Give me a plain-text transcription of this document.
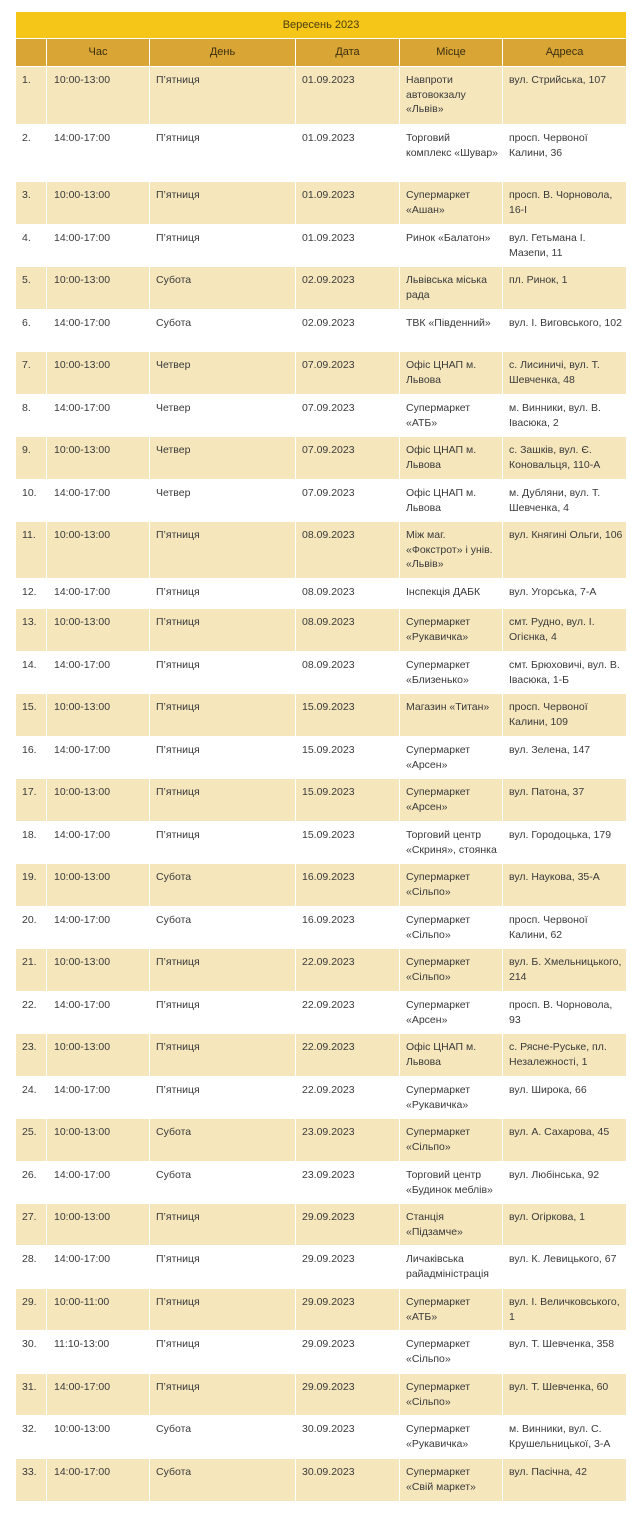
Вересень 2023					
	Час	День	Дата	Місце	Адреса
1.	10:00-13:00	П’ятниця	01.09.2023	Навпроти автовокзалу «Львів»	вул. Стрийська, 107
2.	14:00-17:00	П’ятниця	01.09.2023	Торговий комплекс «Шувар»	просп. Червоної Калини, 36
3.	10:00-13:00	П’ятниця	01.09.2023	Супермаркет «Ашан»	просп. В. Чорновола, 16-І
4.	14:00-17:00	П’ятниця	01.09.2023	Ринок «Балатон»	вул. Гетьмана І. Мазепи, 11
5.	10:00-13:00	Субота	02.09.2023	Львівська міська рада	пл. Ринок, 1
6.	14:00-17:00	Субота	02.09.2023	ТВК «Південний»	вул. І. Виговського, 102
7.	10:00-13:00	Четвер	07.09.2023	Офіс ЦНАП м. Львова	с. Лисиничі, вул. Т. Шевченка, 48
8.	14:00-17:00	Четвер	07.09.2023	Супермаркет «АТБ»	м. Винники, вул. В. Івасюка, 2
9.	10:00-13:00	Четвер	07.09.2023	Офіс ЦНАП м. Львова	с. Зашків, вул. Є. Коновальця, 110-А
10.	14:00-17:00	Четвер	07.09.2023	Офіс ЦНАП м. Львова	м. Дубляни, вул. Т. Шевченка, 4
11.	10:00-13:00	П’ятниця	08.09.2023	Між маг. «Фокстрот» і унів. «Львів»	вул. Княгині Ольги, 106
12.	14:00-17:00	П’ятниця	08.09.2023	Інспекція ДАБК	вул. Угорська, 7-А
13.	10:00-13:00	П’ятниця	08.09.2023	Супермаркет «Рукавичка»	смт. Рудно, вул. І. Огієнка, 4
14.	14:00-17:00	П’ятниця	08.09.2023	Супермаркет «Близенько»	смт. Брюховичі, вул. В. Івасюка, 1-Б
15.	10:00-13:00	П’ятниця	15.09.2023	Магазин «Титан»	просп. Червоної Калини, 109
16.	14:00-17:00	П’ятниця	15.09.2023	Супермаркет «Арсен»	вул. Зелена, 147
17.	10:00-13:00	П’ятниця	15.09.2023	Супермаркет «Арсен»	вул. Патона, 37
18.	14:00-17:00	П’ятниця	15.09.2023	Торговий центр «Скриня», стоянка	вул. Городоцька, 179
19.	10:00-13:00	Субота	16.09.2023	Супермаркет «Сільпо»	вул. Наукова, 35-А
20.	14:00-17:00	Субота	16.09.2023	Супермаркет «Сільпо»	просп. Червоної Калини, 62
21.	10:00-13:00	П’ятниця	22.09.2023	Супермаркет «Сільпо»	вул. Б. Хмельницького, 214
22.	14:00-17:00	П’ятниця	22.09.2023	Супермаркет «Арсен»	просп. В. Чорновола, 93
23.	10:00-13:00	П’ятниця	22.09.2023	Офіс ЦНАП м. Львова	с. Рясне-Руське, пл. Незалежності, 1
24.	14:00-17:00	П’ятниця	22.09.2023	Супермаркет «Рукавичка»	вул. Широка, 66
25.	10:00-13:00	Субота	23.09.2023	Супермаркет «Сільпо»	вул. А. Сахарова, 45
26.	14:00-17:00	Субота	23.09.2023	Торговий центр «Будинок меблів»	вул. Любінська, 92
27.	10:00-13:00	П’ятниця	29.09.2023	Станція «Підзамче»	вул. Огіркова, 1
28.	14:00-17:00	П’ятниця	29.09.2023	Личаківська райадміністрація	вул. К. Левицького, 67
29.	10:00-11:00	П’ятниця	29.09.2023	Супермаркет «АТБ»	вул. І. Величковського, 1
30.	11:10-13:00	П’ятниця	29.09.2023	Супермаркет «Сільпо»	вул. Т. Шевченка, 358
31.	14:00-17:00	П’ятниця	29.09.2023	Супермаркет «Сільпо»	вул. Т. Шевченка, 60
32.	10:00-13:00	Субота	30.09.2023	Супермаркет «Рукавичка»	м. Винники, вул. С. Крушельницької, 3-А
33.	14:00-17:00	Субота	30.09.2023	Супермаркет «Свій маркет»	вул. Пасічна, 42
